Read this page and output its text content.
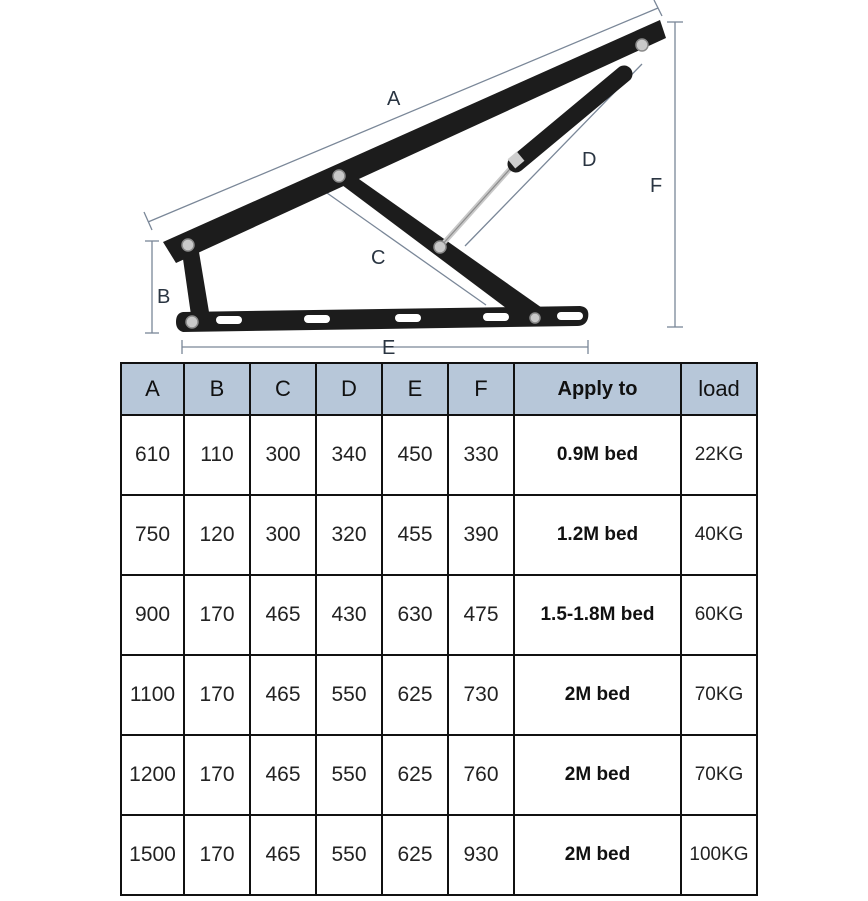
A
B
C
D
E
F
A	B	C	D	E	F	Apply to	load
610	110	300	340	450	330	0.9M bed	22KG
750	120	300	320	455	390	1.2M bed	40KG
900	170	465	430	630	475	1.5-1.8M bed	60KG
1100	170	465	550	625	730	2M bed	70KG
1200	170	465	550	625	760	2M bed	70KG
1500	170	465	550	625	930	2M bed	100KG
